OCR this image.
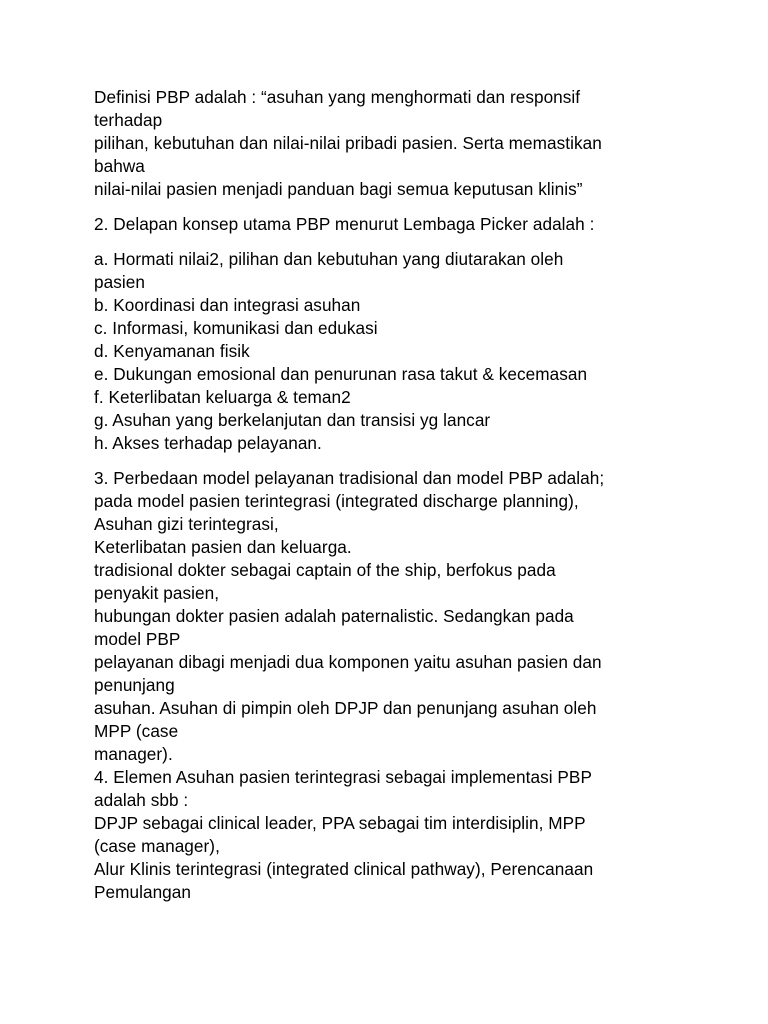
Definisi PBP adalah : “asuhan yang menghormati dan responsif
terhadap
pilihan, kebutuhan dan nilai-nilai pribadi pasien. Serta memastikan
bahwa
nilai-nilai pasien menjadi panduan bagi semua keputusan klinis”
2. Delapan konsep utama PBP menurut Lembaga Picker adalah :
a. Hormati nilai2, pilihan dan kebutuhan yang diutarakan oleh
pasien
b. Koordinasi dan integrasi asuhan
c. Informasi, komunikasi dan edukasi
d. Kenyamanan fisik
e. Dukungan emosional dan penurunan rasa takut & kecemasan
f. Keterlibatan keluarga & teman2
g. Asuhan yang berkelanjutan dan transisi yg lancar
h. Akses terhadap pelayanan.
3. Perbedaan model pelayanan tradisional dan model PBP adalah;
pada model pasien terintegrasi (integrated discharge planning),
Asuhan gizi terintegrasi,
Keterlibatan pasien dan keluarga.
tradisional dokter sebagai captain of the ship, berfokus pada
penyakit pasien,
hubungan dokter pasien adalah paternalistic. Sedangkan pada
model PBP
pelayanan dibagi menjadi dua komponen yaitu asuhan pasien dan
penunjang
asuhan. Asuhan di pimpin oleh DPJP dan penunjang asuhan oleh
MPP (case
manager).
4. Elemen Asuhan pasien terintegrasi sebagai implementasi PBP
adalah sbb :
DPJP sebagai clinical leader, PPA sebagai tim interdisiplin, MPP
(case manager),
Alur Klinis terintegrasi (integrated clinical pathway), Perencanaan
Pemulangan
